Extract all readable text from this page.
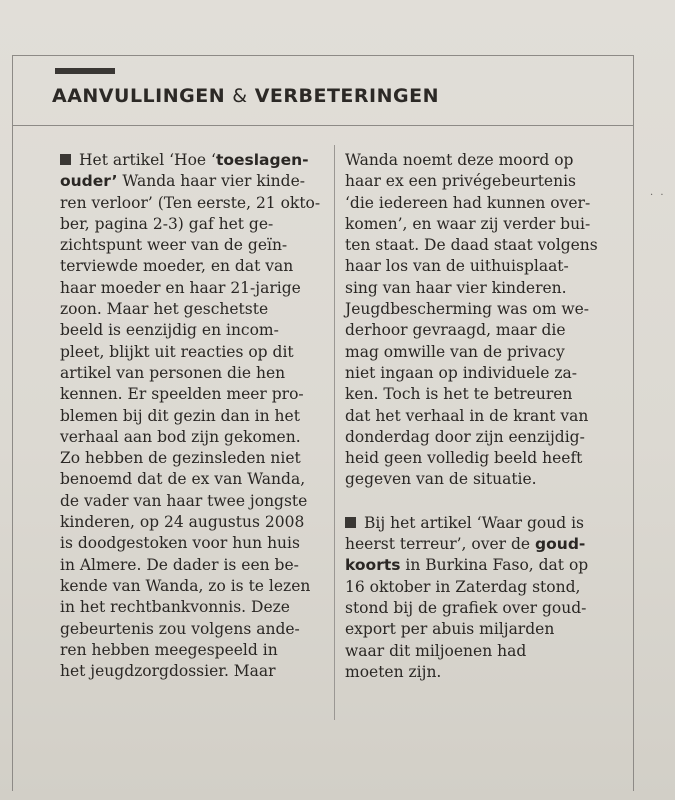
AANVULLINGEN & VERBETERINGEN
Het artikel ‘Hoe ‘toeslagen-
ouder’ Wanda haar vier kinde-
ren verloor’ (Ten eerste, 21 okto-
ber, pagina 2-3) gaf het ge-
zichtspunt weer van de geïn-
terviewde moeder, en dat van
haar moeder en haar 21-jarige
zoon. Maar het geschetste
beeld is eenzijdig en incom-
pleet, blijkt uit reacties op dit
artikel van personen die hen
kennen. Er speelden meer pro-
blemen bij dit gezin dan in het
verhaal aan bod zijn gekomen.
Zo hebben de gezinsleden niet
benoemd dat de ex van Wanda,
de vader van haar twee jongste
kinderen, op 24 augustus 2008
is doodgestoken voor hun huis
in Almere. De dader is een be-
kende van Wanda, zo is te lezen
in het rechtbankvonnis. Deze
gebeurtenis zou volgens ande-
ren hebben meegespeeld in
het jeugdzorgdossier. Maar
Wanda noemt deze moord op
haar ex een privégebeurtenis
‘die iedereen had kunnen over-
komen’, en waar zij verder bui-
ten staat. De daad staat volgens
haar los van de uithuisplaat-
sing van haar vier kinderen.
Jeugdbescherming was om we-
derhoor gevraagd, maar die
mag omwille van de privacy
niet ingaan op individuele za-
ken. Toch is het te betreuren
dat het verhaal in de krant van
donderdag door zijn eenzijdig-
heid geen volledig beeld heeft
gegeven van de situatie.
Bij het artikel ‘Waar goud is
heerst terreur’, over de goud-
koorts in Burkina Faso, dat op
16 oktober in Zaterdag stond,
stond bij de grafiek over goud-
export per abuis miljarden
waar dit miljoenen had
moeten zijn.
· ·
